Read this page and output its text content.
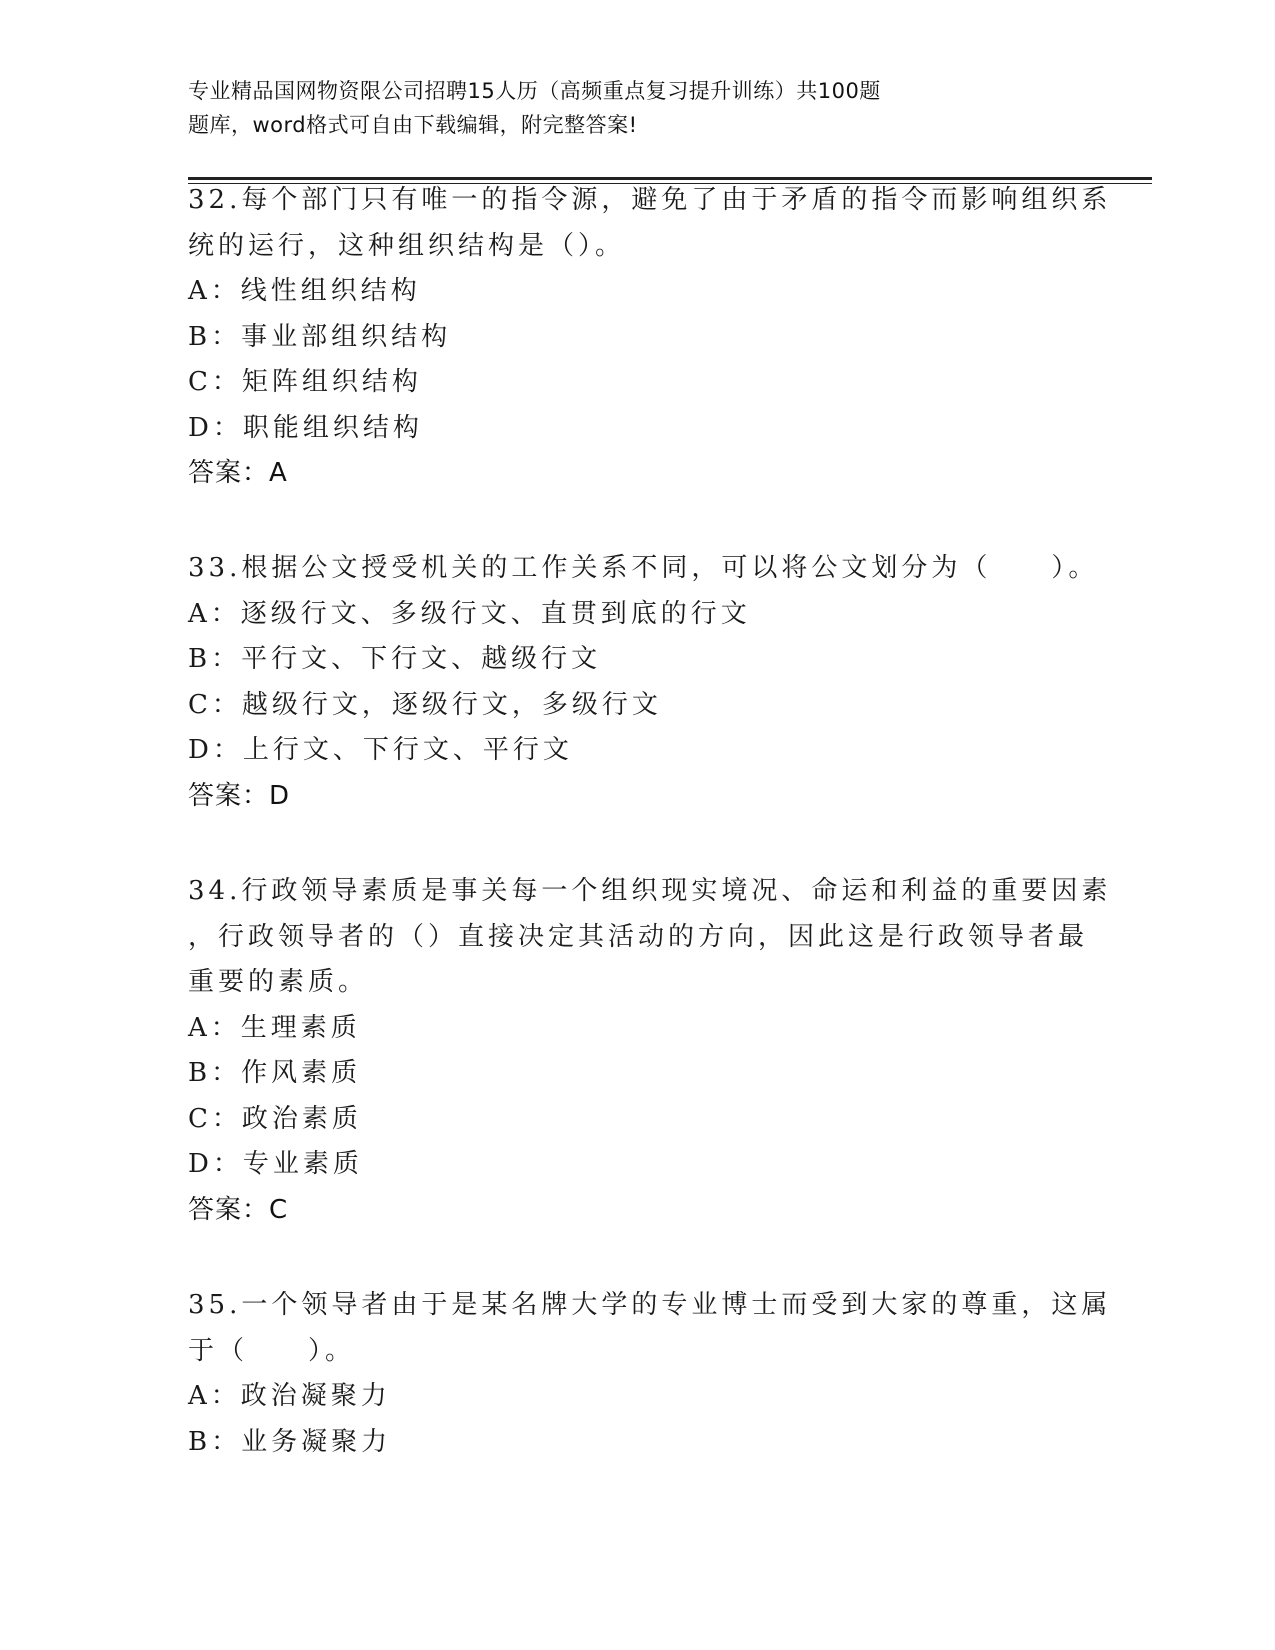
专业精品国网物资限公司招聘15人历（高频重点复习提升训练）共100题
题库，word格式可自由下载编辑，附完整答案!
32.每个部门只有唯一的指令源，避免了由于矛盾的指令而影响组织系
统的运行，这种组织结构是（）。
A：线性组织结构
B：事业部组织结构
C：矩阵组织结构
D：职能组织结构
答案：A
33.根据公文授受机关的工作关系不同，可以将公文划分为（　　）。
A：逐级行文、多级行文、直贯到底的行文
B：平行文、下行文、越级行文
C：越级行文，逐级行文，多级行文
D：上行文、下行文、平行文
答案：D
34.行政领导素质是事关每一个组织现实境况、命运和利益的重要因素
，行政领导者的（）直接决定其活动的方向，因此这是行政领导者最
重要的素质。
A：生理素质
B：作风素质
C：政治素质
D：专业素质
答案：C
35.一个领导者由于是某名牌大学的专业博士而受到大家的尊重，这属
于（　　）。
A：政治凝聚力
B：业务凝聚力
